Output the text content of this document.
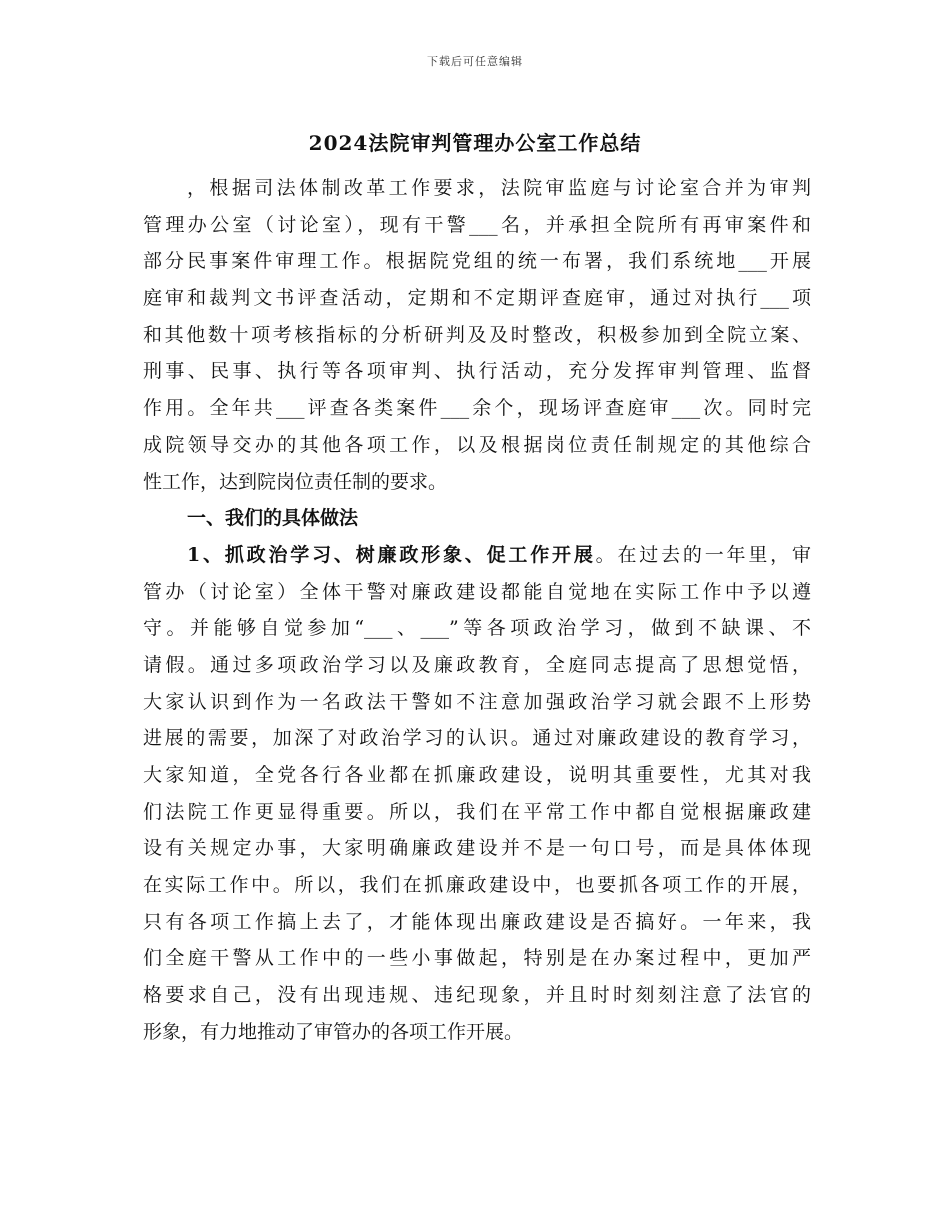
下载后可任意编辑
2024法院审判管理办公室工作总结
，根据司法体制改革工作要求，法院审监庭与讨论室合并为审判
管理办公室（讨论室），现有干警___名，并承担全院所有再审案件和
部分民事案件审理工作。根据院党组的统一布署，我们系统地___开展
庭审和裁判文书评查活动，定期和不定期评查庭审，通过对执行___项
和其他数十项考核指标的分析研判及及时整改，积极参加到全院立案、
刑事、民事、执行等各项审判、执行活动，充分发挥审判管理、监督
作用。全年共___评查各类案件___余个，现场评查庭审___次。同时完
成院领导交办的其他各项工作，以及根据岗位责任制规定的其他综合
性工作，达到院岗位责任制的要求。
一、我们的具体做法
1、抓政治学习、树廉政形象、促工作开展。在过去的一年里，审
管办（讨论室）全体干警对廉政建设都能自觉地在实际工作中予以遵
守。并能够自觉参加“___、___”等各项政治学习，做到不缺课、不
请假。通过多项政治学习以及廉政教育，全庭同志提高了思想觉悟，
大家认识到作为一名政法干警如不注意加强政治学习就会跟不上形势
进展的需要，加深了对政治学习的认识。通过对廉政建设的教育学习，
大家知道，全党各行各业都在抓廉政建设，说明其重要性，尤其对我
们法院工作更显得重要。所以，我们在平常工作中都自觉根据廉政建
设有关规定办事，大家明确廉政建设并不是一句口号，而是具体体现
在实际工作中。所以，我们在抓廉政建设中，也要抓各项工作的开展，
只有各项工作搞上去了，才能体现出廉政建设是否搞好。一年来，我
们全庭干警从工作中的一些小事做起，特别是在办案过程中，更加严
格要求自己，没有出现违规、违纪现象，并且时时刻刻注意了法官的
形象，有力地推动了审管办的各项工作开展。
